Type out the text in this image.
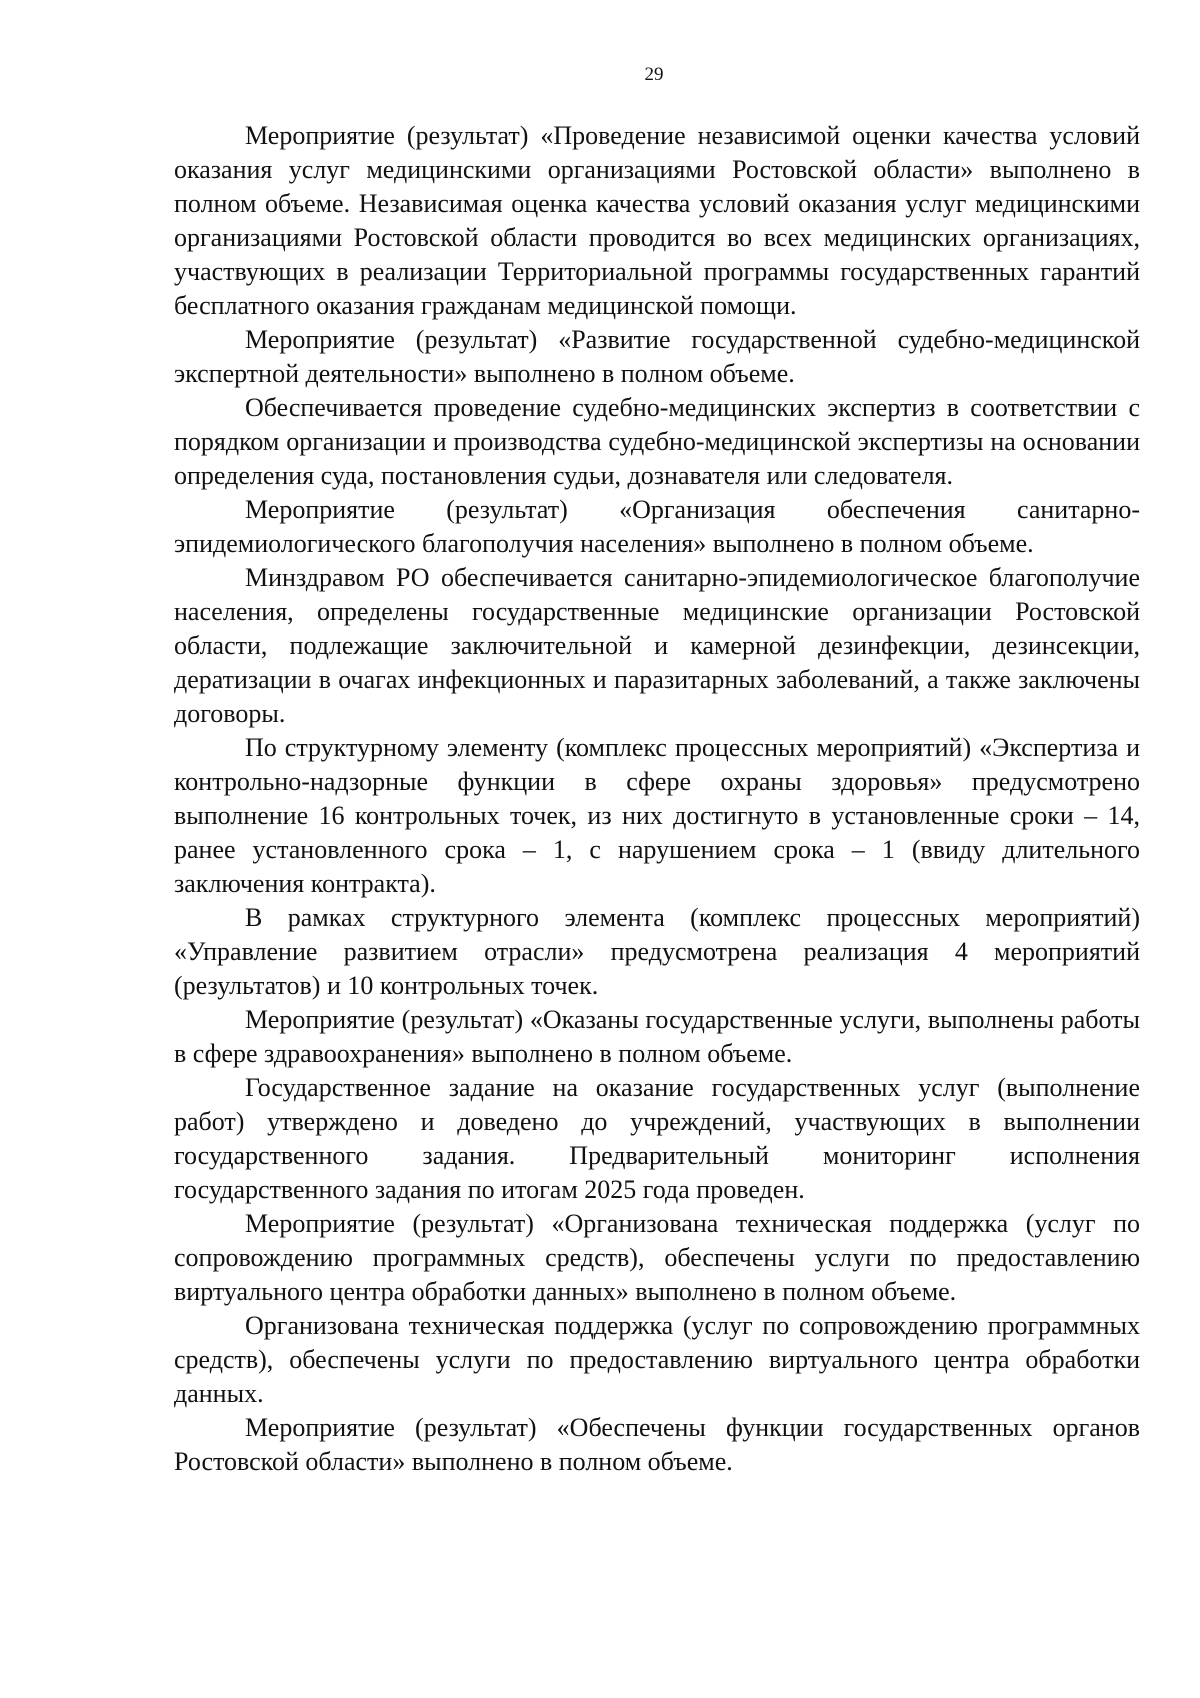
29

Мероприятие (результат) «Проведение независимой оценки качества условий оказания услуг медицинскими организациями Ростовской области» выполнено в полном объеме. Независимая оценка качества условий оказания услуг медицинскими организациями Ростовской области проводится во всех медицинских организациях, участвующих в реализации Территориальной программы государственных гарантий бесплатного оказания гражданам медицинской помощи.

Мероприятие (результат) «Развитие государственной судебно-медицинской экспертной деятельности» выполнено в полном объеме.

Обеспечивается проведение судебно-медицинских экспертиз в соответствии с порядком организации и производства судебно-медицинской экспертизы на основании определения суда, постановления судьи, дознавателя или следователя.

Мероприятие (результат) «Организация обеспечения санитарно-эпидемиологического благополучия населения» выполнено в полном объеме.

Минздравом РО обеспечивается санитарно-эпидемиологическое благополучие населения, определены государственные медицинские организации Ростовской области, подлежащие заключительной и камерной дезинфекции, дезинсекции, дератизации в очагах инфекционных и паразитарных заболеваний, а также заключены договоры.

По структурному элементу (комплекс процессных мероприятий) «Экспертиза и контрольно-надзорные функции в сфере охраны здоровья» предусмотрено выполнение 16 контрольных точек, из них достигнуто в установленные сроки – 14, ранее установленного срока – 1, с нарушением срока – 1 (ввиду длительного заключения контракта).

В рамках структурного элемента (комплекс процессных мероприятий) «Управление развитием отрасли» предусмотрена реализация 4 мероприятий (результатов) и 10 контрольных точек.

Мероприятие (результат) «Оказаны государственные услуги, выполнены работы в сфере здравоохранения» выполнено в полном объеме.

Государственное задание на оказание государственных услуг (выполнение работ) утверждено и доведено до учреждений, участвующих в выполнении государственного задания. Предварительный мониторинг исполнения государственного задания по итогам 2025 года проведен.

Мероприятие (результат) «Организована техническая поддержка (услуг по сопровождению программных средств), обеспечены услуги по предоставлению виртуального центра обработки данных» выполнено в полном объеме.

Организована техническая поддержка (услуг по сопровождению программных средств), обеспечены услуги по предоставлению виртуального центра обработки данных.

Мероприятие (результат) «Обеспечены функции государственных органов Ростовской области» выполнено в полном объеме.
